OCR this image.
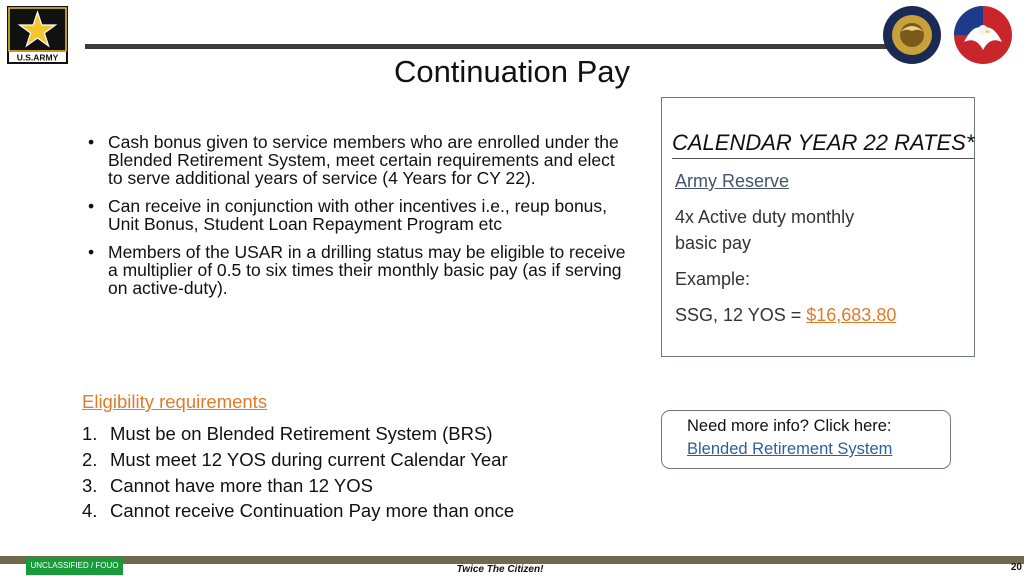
U.S.ARMY	Continuation Pay
• Cash bonus given to service members who are enrolled under the Blended Retirement System, meet certain requirements and elect to serve additional years of service (4 Years for CY 22).
• Can receive in conjunction with other incentives i.e., reup bonus, Unit Bonus, Student Loan Repayment Program etc
• Members of the USAR in a drilling status may be eligible to receive a multiplier of 0.5 to six times their monthly basic pay (as if serving on active-duty).
CALENDAR YEAR 22 RATES*
Army Reserve
4x Active duty monthly
basic pay
Example:
SSG, 12 YOS = $16,683.80
Eligibility requirements
1. Must be on Blended Retirement System (BRS)
2. Must meet 12 YOS during current Calendar Year
3. Cannot have more than 12 YOS
4. Cannot receive Continuation Pay more than once
Need more info? Click here:
Blended Retirement System
UNCLASSIFIED / FOUO	Twice The Citizen!	20
